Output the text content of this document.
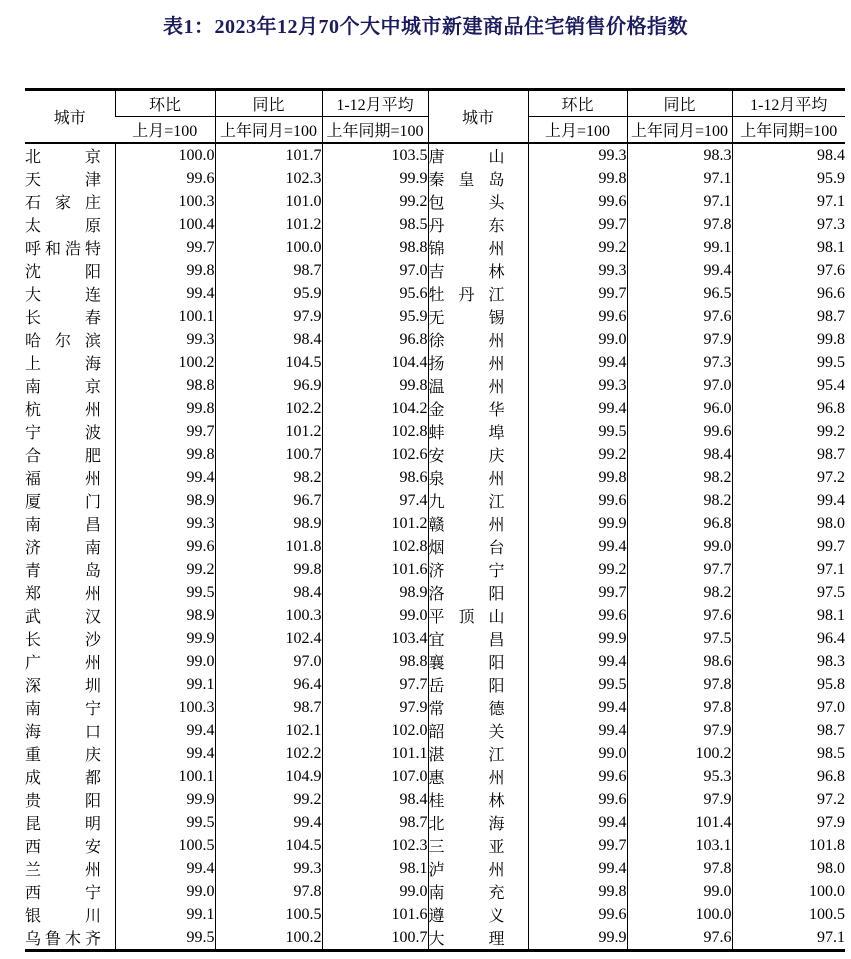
表1：2023年12月70个大中城市新建商品住宅销售价格指数
城市	环比	同比	1-12月平均	城市	环比	同比	1-12月平均
	上月=100	上年同月=100	上年同期=100		上月=100	上年同月=100	上年同期=100
北京	100.0	101.7	103.5	唐山	99.3	98.3	98.4
天津	99.6	102.3	99.9	秦皇岛	99.8	97.1	95.9
石家庄	100.3	101.0	99.2	包头	99.6	97.1	97.1
太原	100.4	101.2	98.5	丹东	99.7	97.8	97.3
呼和浩特	99.7	100.0	98.8	锦州	99.2	99.1	98.1
沈阳	99.8	98.7	97.0	吉林	99.3	99.4	97.6
大连	99.4	95.9	95.6	牡丹江	99.7	96.5	96.6
长春	100.1	97.9	95.9	无锡	99.6	97.6	98.7
哈尔滨	99.3	98.4	96.8	徐州	99.0	97.9	99.8
上海	100.2	104.5	104.4	扬州	99.4	97.3	99.5
南京	98.8	96.9	99.8	温州	99.3	97.0	95.4
杭州	99.8	102.2	104.2	金华	99.4	96.0	96.8
宁波	99.7	101.2	102.8	蚌埠	99.5	99.6	99.2
合肥	99.8	100.7	102.6	安庆	99.2	98.4	98.7
福州	99.4	98.2	98.6	泉州	99.8	98.2	97.2
厦门	98.9	96.7	97.4	九江	99.6	98.2	99.4
南昌	99.3	98.9	101.2	赣州	99.9	96.8	98.0
济南	99.6	101.8	102.8	烟台	99.4	99.0	99.7
青岛	99.2	99.8	101.6	济宁	99.2	97.7	97.1
郑州	99.5	98.4	98.9	洛阳	99.7	98.2	97.5
武汉	98.9	100.3	99.0	平顶山	99.6	97.6	98.1
长沙	99.9	102.4	103.4	宜昌	99.9	97.5	96.4
广州	99.0	97.0	98.8	襄阳	99.4	98.6	98.3
深圳	99.1	96.4	97.7	岳阳	99.5	97.8	95.8
南宁	100.3	98.7	97.9	常德	99.4	97.8	97.0
海口	99.4	102.1	102.0	韶关	99.4	97.9	98.7
重庆	99.4	102.2	101.1	湛江	99.0	100.2	98.5
成都	100.1	104.9	107.0	惠州	99.6	95.3	96.8
贵阳	99.9	99.2	98.4	桂林	99.6	97.9	97.2
昆明	99.5	99.4	98.7	北海	99.4	101.4	97.9
西安	100.5	104.5	102.3	三亚	99.7	103.1	101.8
兰州	99.4	99.3	98.1	泸州	99.4	97.8	98.0
西宁	99.0	97.8	99.0	南充	99.8	99.0	100.0
银川	99.1	100.5	101.6	遵义	99.6	100.0	100.5
乌鲁木齐	99.5	100.2	100.7	大理	99.9	97.6	97.1
